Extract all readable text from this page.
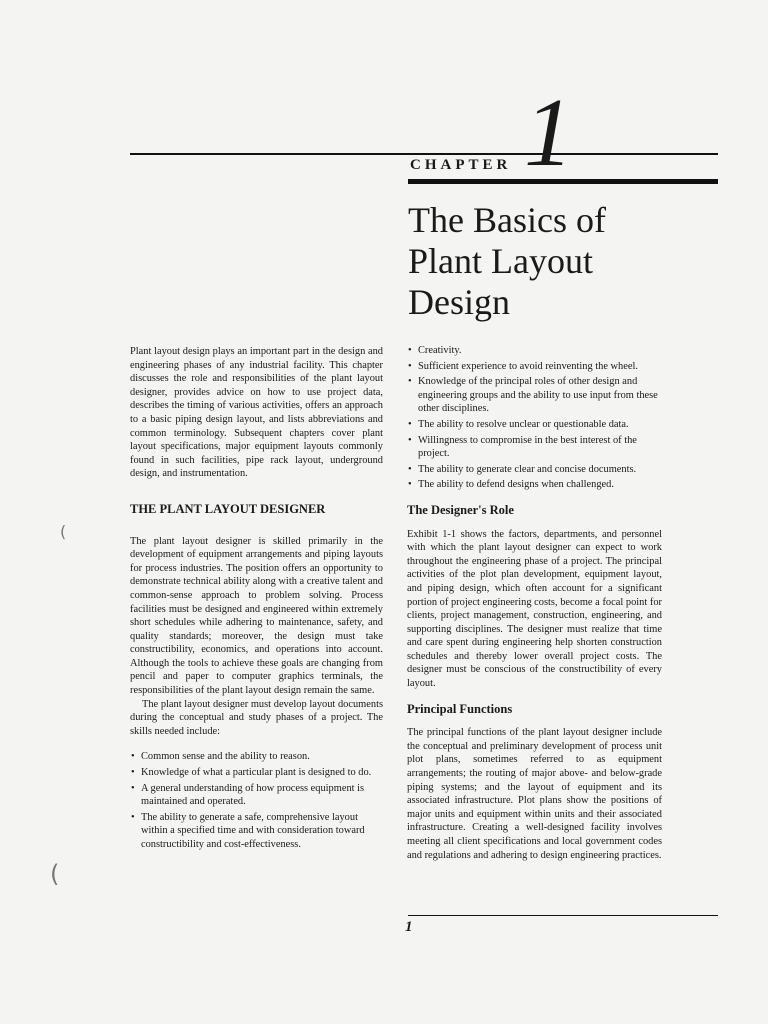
CHAPTER 1
The Basics of
Plant Layout
Design

Plant layout design plays an important part in the design and engineering phases of any industrial facility. This chapter discusses the role and responsibilities of the plant layout designer, provides advice on how to use project data, describes the timing of various activities, offers an approach to a basic piping design layout, and lists abbreviations and common terminology. Subsequent chapters cover plant layout specifications, major equipment layouts commonly found in such facilities, pipe rack layout, underground design, and instrumentation.

THE PLANT LAYOUT DESIGNER

The plant layout designer is skilled primarily in the development of equipment arrangements and piping layouts for process industries. The position offers an opportunity to demonstrate technical ability along with a creative talent and common-sense approach to problem solving. Process facilities must be designed and engineered within extremely short schedules while adhering to maintenance, safety, and quality standards; moreover, the design must take constructibility, economics, and operations into account. Although the tools to achieve these goals are changing from pencil and paper to computer graphics terminals, the responsibilities of the plant layout design remain the same.

The plant layout designer must develop layout documents during the conceptual and study phases of a project. The skills needed include:

• Common sense and the ability to reason.
• Knowledge of what a particular plant is designed to do.
• A general understanding of how process equipment is maintained and operated.
• The ability to generate a safe, comprehensive layout within a specified time and with consideration toward constructibility and cost-effectiveness.
• Creativity.
• Sufficient experience to avoid reinventing the wheel.
• Knowledge of the principal roles of other design and engineering groups and the ability to use input from these other disciplines.
• The ability to resolve unclear or questionable data.
• Willingness to compromise in the best interest of the project.
• The ability to generate clear and concise documents.
• The ability to defend designs when challenged.
The Designer's Role

Exhibit 1-1 shows the factors, departments, and personnel with which the plant layout designer can expect to work throughout the engineering phase of a project. The principal activities of the plot plan development, equipment layout, and piping design, which often account for a significant portion of project engineering costs, become a focal point for clients, project management, construction, engineering, and supporting disciplines. The designer must realize that time and care spent during engineering help shorten construction schedules and thereby lower overall project costs. The designer must be conscious of the constructibility of every layout.

Principal Functions

The principal functions of the plant layout designer include the conceptual and preliminary development of process unit plot plans, sometimes referred to as equipment arrangements; the routing of major above- and below-grade piping systems; and the layout of equipment and its associated infrastructure. Plot plans show the positions of major units and equipment within units and their associated infrastructure. Creating a well-designed facility involves meeting all client specifications and local government codes and regulations and adhering to design engineering practices.

1
(
(
